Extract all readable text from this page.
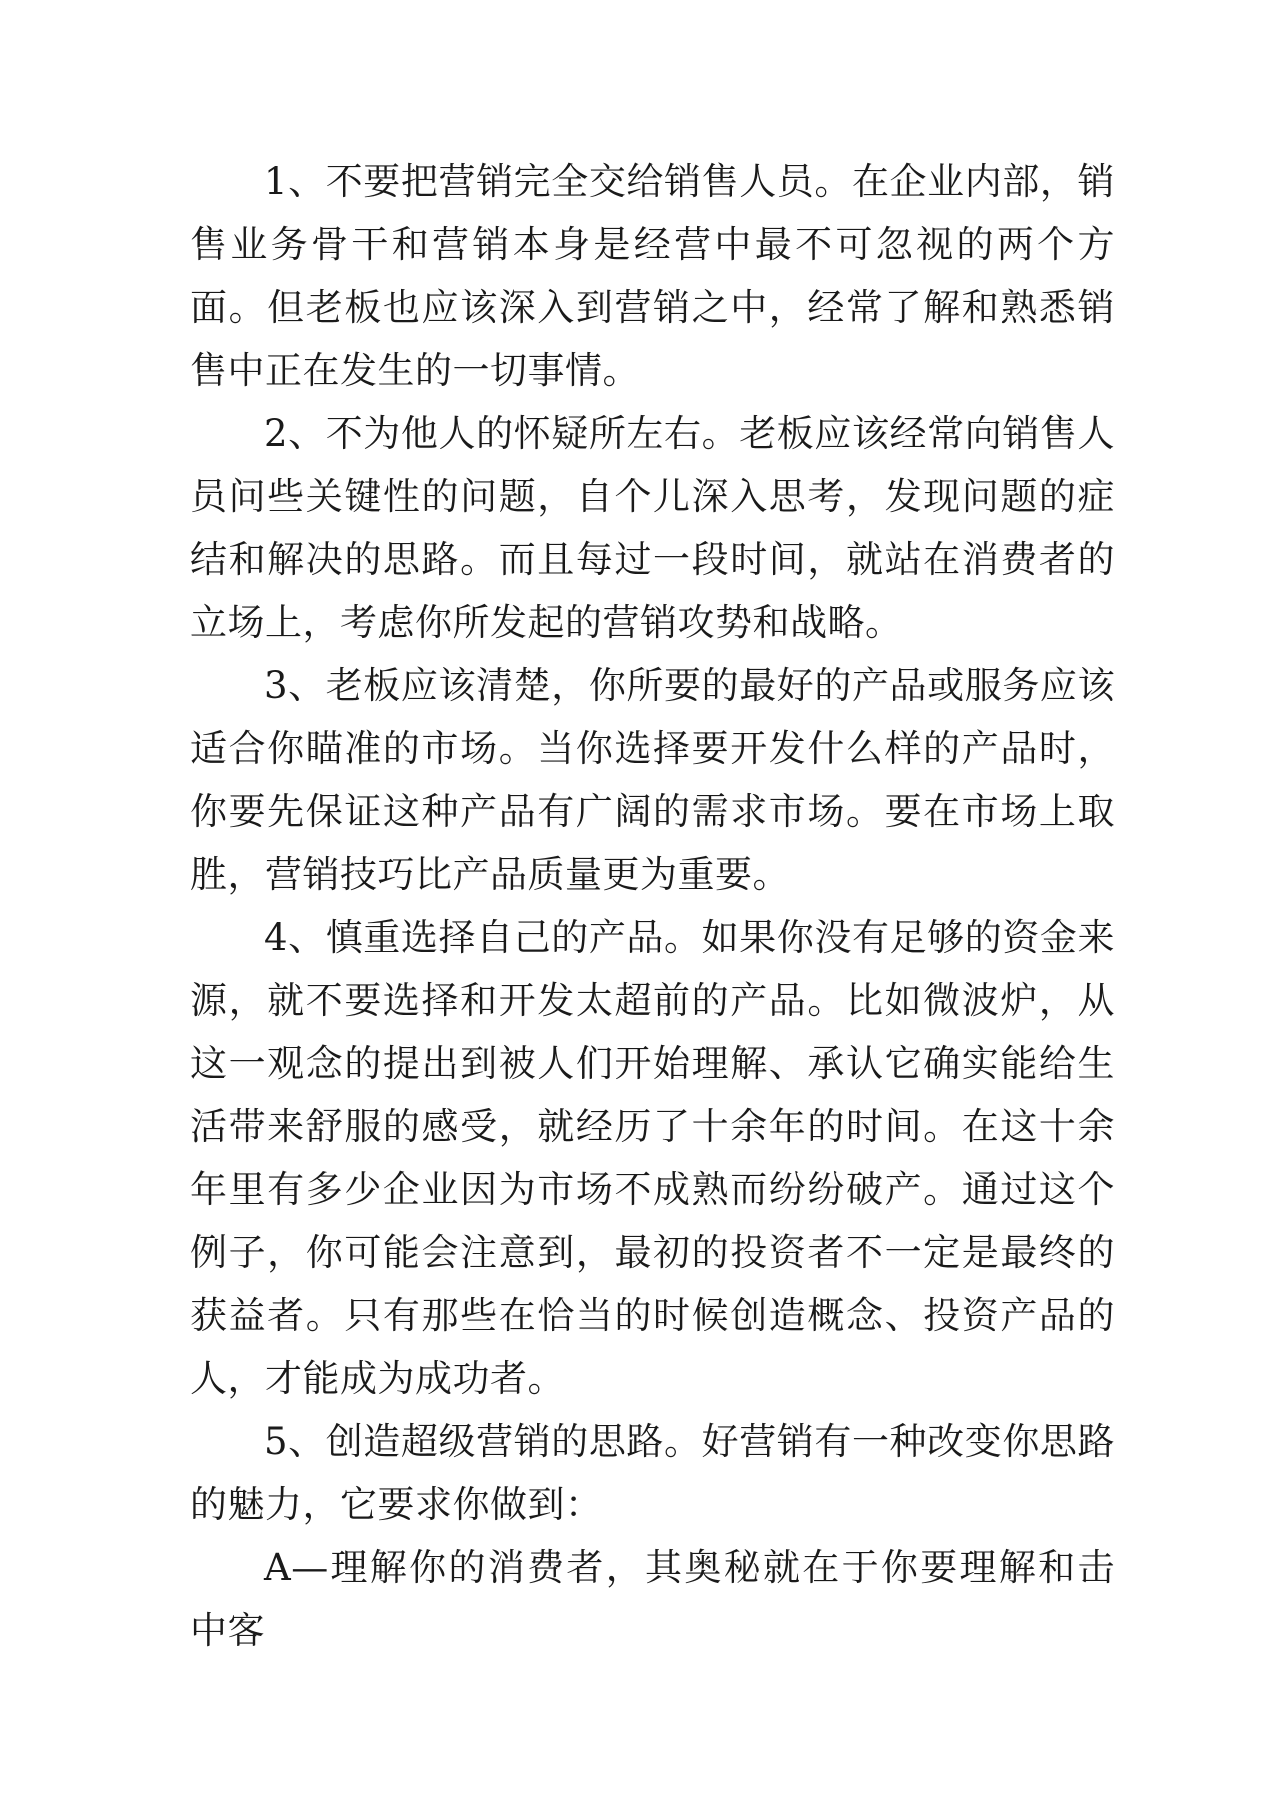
1、不要把营销完全交给销售人员。在企业内部，销售业务骨干和营销本身是经营中最不可忽视的两个方面。但老板也应该深入到营销之中，经常了解和熟悉销售中正在发生的一切事情。

2、不为他人的怀疑所左右。老板应该经常向销售人员问些关键性的问题，自个儿深入思考，发现问题的症结和解决的思路。而且每过一段时间，就站在消费者的立场上，考虑你所发起的营销攻势和战略。

3、老板应该清楚，你所要的最好的产品或服务应该适合你瞄准的市场。当你选择要开发什么样的产品时，你要先保证这种产品有广阔的需求市场。要在市场上取胜，营销技巧比产品质量更为重要。

4、慎重选择自己的产品。如果你没有足够的资金来源，就不要选择和开发太超前的产品。比如微波炉，从这一观念的提出到被人们开始理解、承认它确实能给生活带来舒服的感受，就经历了十余年的时间。在这十余年里有多少企业因为市场不成熟而纷纷破产。通过这个例子，你可能会注意到，最初的投资者不一定是最终的获益者。只有那些在恰当的时候创造概念、投资产品的人，才能成为成功者。

5、创造超级营销的思路。好营销有一种改变你思路的魅力，它要求你做到：

A—理解你的消费者，其奥秘就在于你要理解和击中客
